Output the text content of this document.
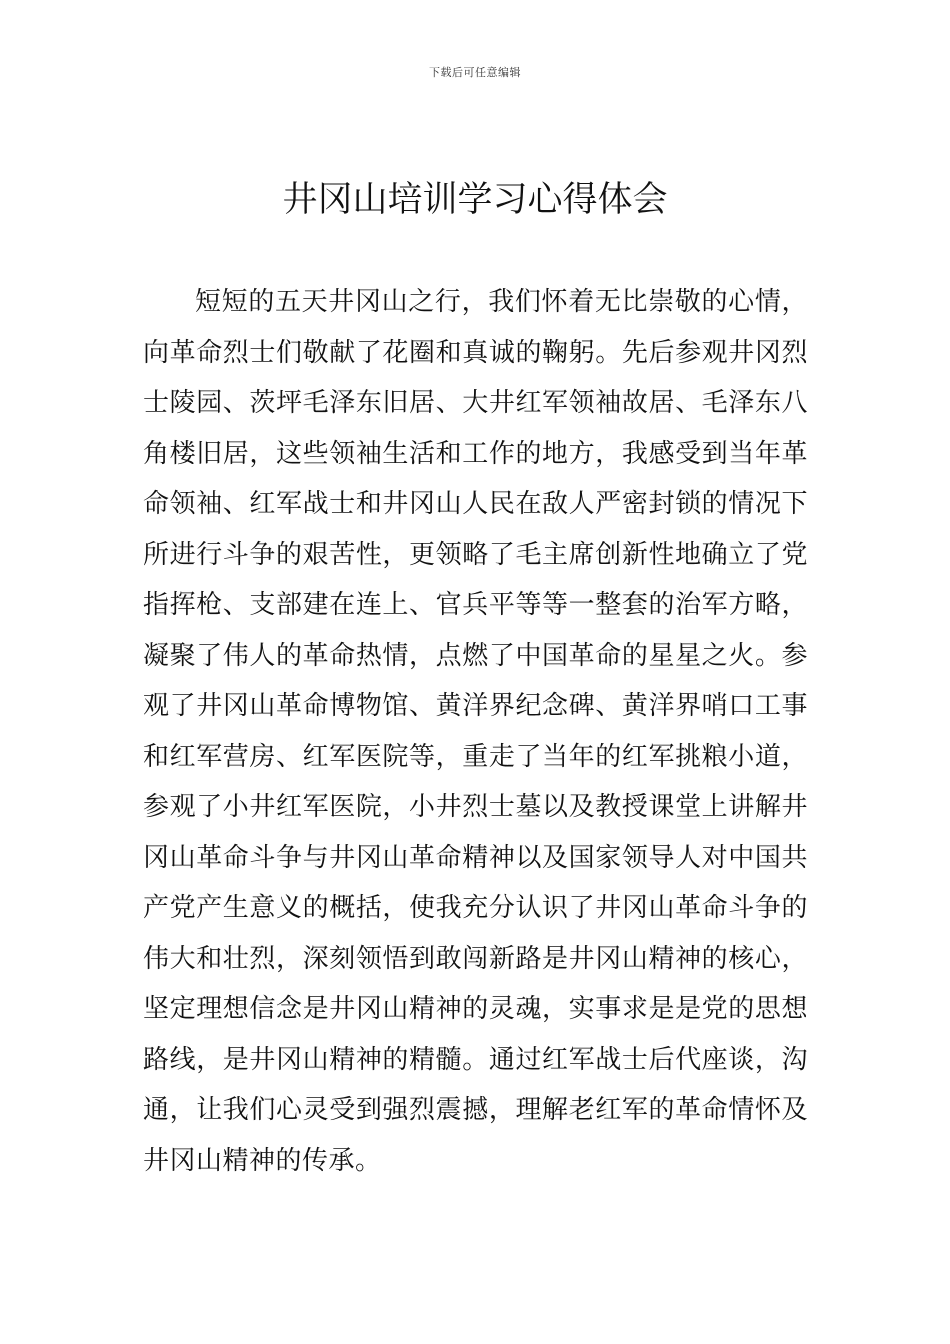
下载后可任意编辑
井冈山培训学习心得体会

短短的五天井冈山之行，我们怀着无比崇敬的心情，向革命烈士们敬献了花圈和真诚的鞠躬。先后参观井冈烈士陵园、茨坪毛泽东旧居、大井红军领袖故居、毛泽东八角楼旧居，这些领袖生活和工作的地方，我感受到当年革命领袖、红军战士和井冈山人民在敌人严密封锁的情况下所进行斗争的艰苦性，更领略了毛主席创新性地确立了党指挥枪、支部建在连上、官兵平等等一整套的治军方略，凝聚了伟人的革命热情，点燃了中国革命的星星之火。参观了井冈山革命博物馆、黄洋界纪念碑、黄洋界哨口工事和红军营房、红军医院等，重走了当年的红军挑粮小道，参观了小井红军医院，小井烈士墓以及教授课堂上讲解井冈山革命斗争与井冈山革命精神以及国家领导人对中国共产党产生意义的概括，使我充分认识了井冈山革命斗争的伟大和壮烈，深刻领悟到敢闯新路是井冈山精神的核心，坚定理想信念是井冈山精神的灵魂，实事求是是党的思想路线，是井冈山精神的精髓。通过红军战士后代座谈，沟通，让我们心灵受到强烈震撼，理解老红军的革命情怀及井冈山精神的传承。
